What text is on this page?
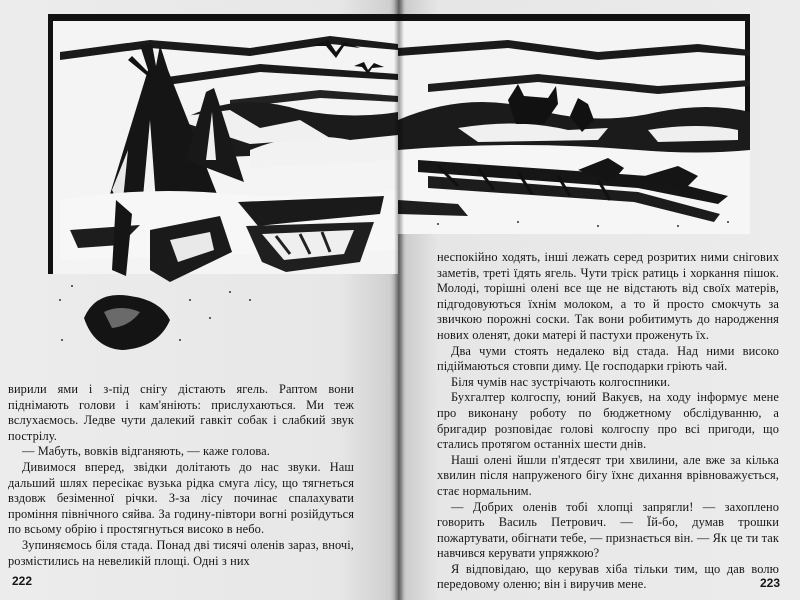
вирили ями і з-під снігу дістають ягель. Раптом вони піднімають голови і кам'яніють: прислухаються. Ми теж вслухаємось. Ледве чути далекий гавкіт собак і слабкий звук пострілу.

— Мабуть, вовків відганяють, — каже голова.

Дивимося вперед, звідки долітають до нас звуки. Наш дальший шлях пересікає вузька рідка смуга лісу, що тягнеться вздовж безіменної річки. З-за лісу починає спалахувати проміння північного сяйва. За годину-півтори вогні розійдуться по всьому обрію і простягнуться високо в небо.

Зупиняємось біля стада. Понад дві тисячі оленів зараз, вночі, розмістились на невеликій площі. Одні з них

222

неспокійно ходять, інші лежать серед розритих ними снігових заметів, треті їдять ягель. Чути тріск ратиць і хоркання пішок. Молоді, торішні олені все ще не відстають від своїх матерів, підгодовуються їхнім молоком, а то й просто смокчуть за звичкою порожні соски. Так вони робитимуть до народження нових оленят, доки матері й пастухи проженуть їх.

Два чуми стоять недалеко від стада. Над ними високо підіймаються стовпи диму. Це господарки гріють чай.

Біля чумів нас зустрічають колгоспники.

Бухгалтер колгоспу, юний Вакуєв, на ходу інформує мене про виконану роботу по бюджетному обслідуванню, а бригадир розповідає голові колгоспу про всі пригоди, що стались протягом останніх шести днів.

Наші олені йшли п'ятдесят три хвилини, але вже за кілька хвилин після напруженого бігу їхнє дихання врівноважується, стає нормальним.

— Добрих оленів тобі хлопці запрягли! — захоплено говорить Василь Петрович. — Їй-бо, думав трошки пожартувати, обігнати тебе, — признається він. — Як це ти так навчився керувати упряжкою?

Я відповідаю, що керував хіба тільки тим, що дав волю передовому оленю; він і виручив мене.	223
